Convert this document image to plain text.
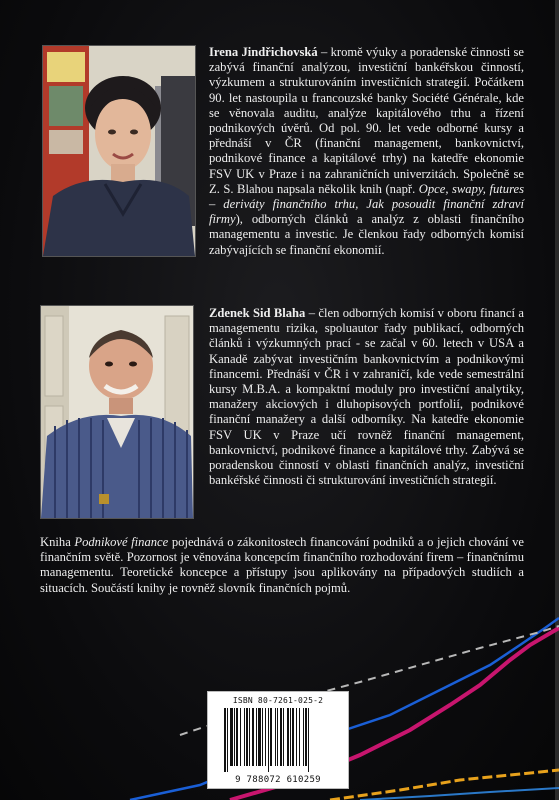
Irena Jindřichovská – kromě výuky a poradenské činnosti se zabývá finanční analýzou, investiční bankéřskou činností, výzkumem a strukturováním investičních strategií. Počátkem 90. let nastoupila u francouzské banky Société Générale, kde se věnovala auditu, analýze kapitálového trhu a řízení podnikových úvěrů. Od pol. 90. let vede odborné kursy a přednáší v ČR (finanční management, bankovnictví, podnikové finance a kapitálové trhy) na katedře ekonomie FSV UK v Praze i na zahraničních univerzitách. Společně se Z. S. Blahou napsala několik knih (např. Opce, swapy, futures – deriváty finančního trhu, Jak posoudit finanční zdraví firmy), odborných článků a analýz z oblasti finančního managementu a investic. Je členkou řady odborných komisí zabývajících se finanční ekonomií.
Zdenek Sid Blaha – člen odborných komisí v oboru financí a managementu rizika, spoluautor řady publikací, odborných článků i výzkumných prací - se začal v 60. letech v USA a Kanadě zabývat investičním bankovnictvím a podnikovými financemi. Přednáší v ČR i v zahraničí, kde vede semestrální kursy M.B.A. a kompaktní moduly pro investiční analytiky, manažery akciových i dluhopisových portfolií, podnikové finanční manažery a další odborníky. Na katedře ekonomie FSV UK v Praze učí rovněž finanční management, bankovnictví, podnikové finance a kapitálové trhy. Zabývá se poradenskou činností v oblasti finančních analýz, investiční bankéřské činnosti či strukturování investičních strategií.
Kniha Podnikové finance pojednává o zákonitostech financování podniků a o jejich chování ve finančním světě. Pozornost je věnována koncepcím finančního rozhodování firem – finančnímu managementu. Teoretické koncepce a přístupy jsou aplikovány na případových studiích a situacích. Součástí knihy je rovněž slovník finančních pojmů.
ISBN 80-7261-025-2
9 788072 610259
